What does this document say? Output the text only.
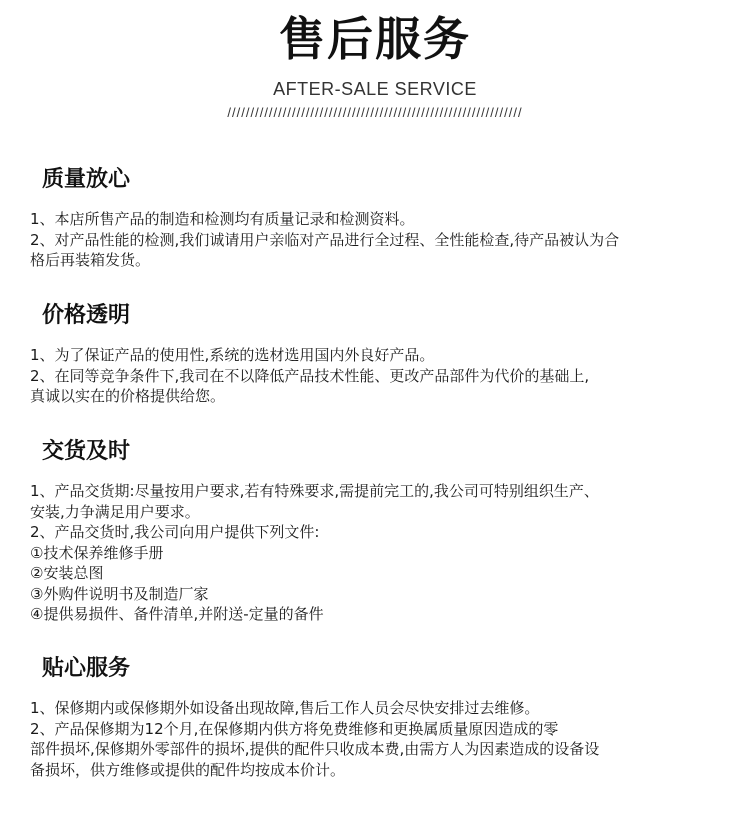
售后服务
AFTER-SALE SERVICE
////////////////////////////////////////////////////////////////
质量放心
1、本店所售产品的制造和检测均有质量记录和检测资料。
2、对产品性能的检测,我们诚请用户亲临对产品进行全过程、全性能检查,待产品被认为合
格后再装箱发货。
价格透明
1、为了保证产品的使用性,系统的选材选用国内外良好产品。
2、在同等竞争条件下,我司在不以降低产品技术性能、更改产品部件为代价的基础上,
真诚以实在的价格提供给您。
交货及时
1、产品交货期:尽量按用户要求,若有特殊要求,需提前完工的,我公司可特别组织生产、
安装,力争满足用户要求。
2、产品交货时,我公司向用户提供下列文件:
①技术保养维修手册
②安装总图
③外购件说明书及制造厂家
④提供易损件、备件清单,并附送-定量的备件
贴心服务
1、保修期内或保修期外如设备出现故障,售后工作人员会尽快安排过去维修。
2、产品保修期为12个月,在保修期内供方将免费维修和更换属质量原因造成的零
部件损坏,保修期外零部件的损坏,提供的配件只收成本费,由需方人为因素造成的设备设
备损坏，供方维修或提供的配件均按成本价计。
